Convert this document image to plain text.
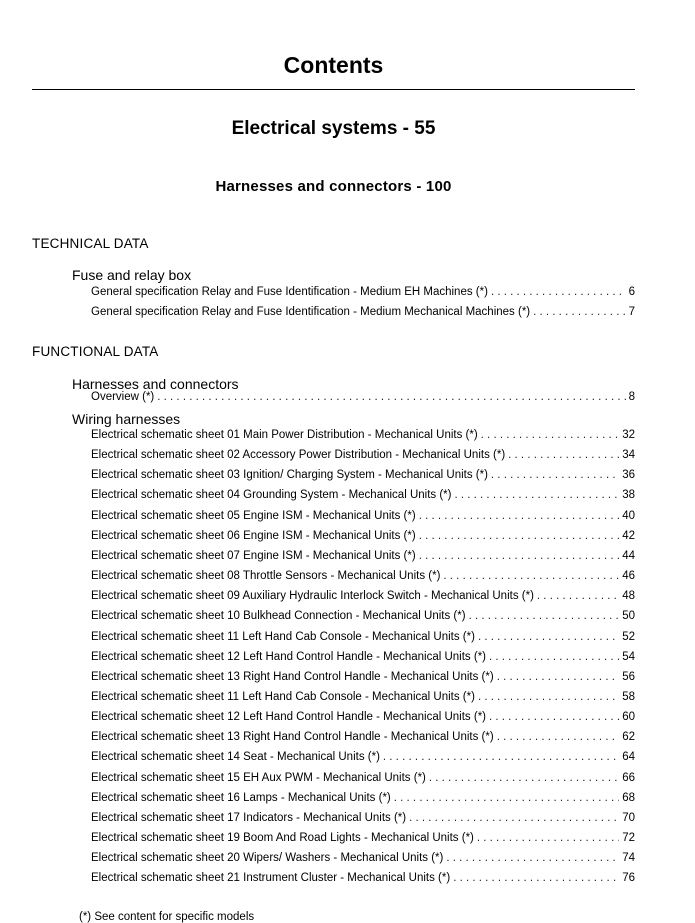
Contents
Electrical systems - 55
Harnesses and connectors - 100
TECHNICAL DATA
Fuse and relay box
General specification Relay and Fuse Identification - Medium EH Machines (*) . . .	6
General specification Relay and Fuse Identification - Medium Mechanical Machines (*) . . .	7
FUNCTIONAL DATA
Harnesses and connectors
Overview (*) . . .	8
Wiring harnesses
Electrical schematic sheet 01 Main Power Distribution - Mechanical Units (*) . . .	32
Electrical schematic sheet 02 Accessory Power Distribution - Mechanical Units (*) . . .	34
Electrical schematic sheet 03 Ignition/ Charging System - Mechanical Units (*) . . .	36
Electrical schematic sheet 04 Grounding System - Mechanical Units (*) . . .	38
Electrical schematic sheet 05 Engine ISM - Mechanical Units (*) . . .	40
Electrical schematic sheet 06 Engine ISM - Mechanical Units (*) . . .	42
Electrical schematic sheet 07 Engine ISM - Mechanical Units (*) . . .	44
Electrical schematic sheet 08 Throttle Sensors - Mechanical Units (*) . . .	46
Electrical schematic sheet 09 Auxiliary Hydraulic Interlock Switch - Mechanical Units (*) . . .	48
Electrical schematic sheet 10 Bulkhead Connection - Mechanical Units (*) . . .	50
Electrical schematic sheet 11 Left Hand Cab Console - Mechanical Units (*) . . .	52
Electrical schematic sheet 12 Left Hand Control Handle - Mechanical Units (*) . . .	54
Electrical schematic sheet 13 Right Hand Control Handle - Mechanical Units (*) . . .	56
Electrical schematic sheet 11 Left Hand Cab Console - Mechanical Units (*) . . .	58
Electrical schematic sheet 12 Left Hand Control Handle - Mechanical Units (*) . . .	60
Electrical schematic sheet 13 Right Hand Control Handle - Mechanical Units (*) . . .	62
Electrical schematic sheet 14 Seat - Mechanical Units (*) . . .	64
Electrical schematic sheet 15 EH Aux PWM - Mechanical Units (*) . . .	66
Electrical schematic sheet 16 Lamps - Mechanical Units (*) . . .	68
Electrical schematic sheet 17 Indicators - Mechanical Units (*) . . .	70
Electrical schematic sheet 19 Boom And Road Lights - Mechanical Units (*) . . .	72
Electrical schematic sheet 20 Wipers/ Washers - Mechanical Units (*) . . .	74
Electrical schematic sheet 21 Instrument Cluster - Mechanical Units (*) . . .	76

(*) See content for specific models
